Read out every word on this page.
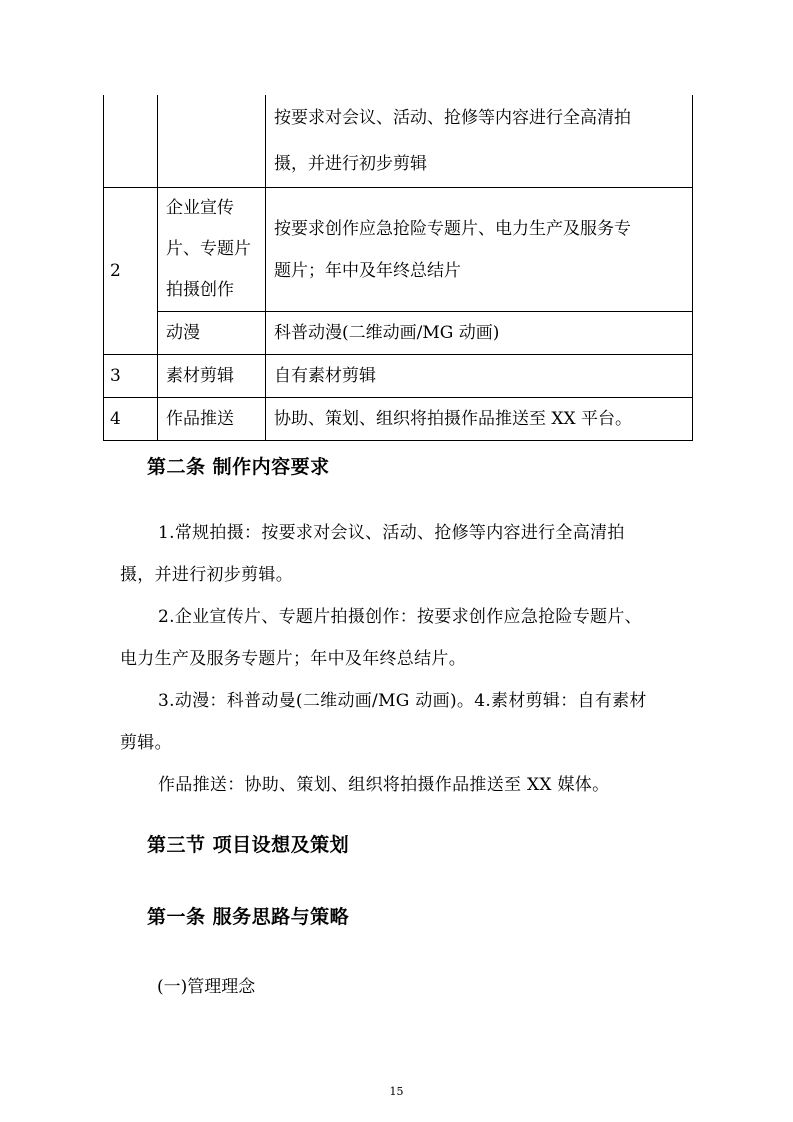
		按要求对会议、活动、抢修等内容进行全高清拍
摄，并进行初步剪辑

2	企业宣传
片、专题片
拍摄创作	按要求创作应急抢险专题片、电力生产及服务专
题片；年中及年终总结片

	动漫	科普动漫(二维动画/MG 动画)
3	素材剪辑	自有素材剪辑
4	作品推送	协助、策划、组织将拍摄作品推送至 XX 平台。
第二条 制作内容要求
1.常规拍摄：按要求对会议、活动、抢修等内容进行全高清拍
摄，并进行初步剪辑。
2.企业宣传片、专题片拍摄创作：按要求创作应急抢险专题片、
电力生产及服务专题片；年中及年终总结片。
3.动漫：科普动曼(二维动画/MG 动画)。4.素材剪辑：自有素材
剪辑。
作品推送：协助、策划、组织将拍摄作品推送至 XX 媒体。
第三节 项目设想及策划
第一条 服务思路与策略
(一)管理理念
15
